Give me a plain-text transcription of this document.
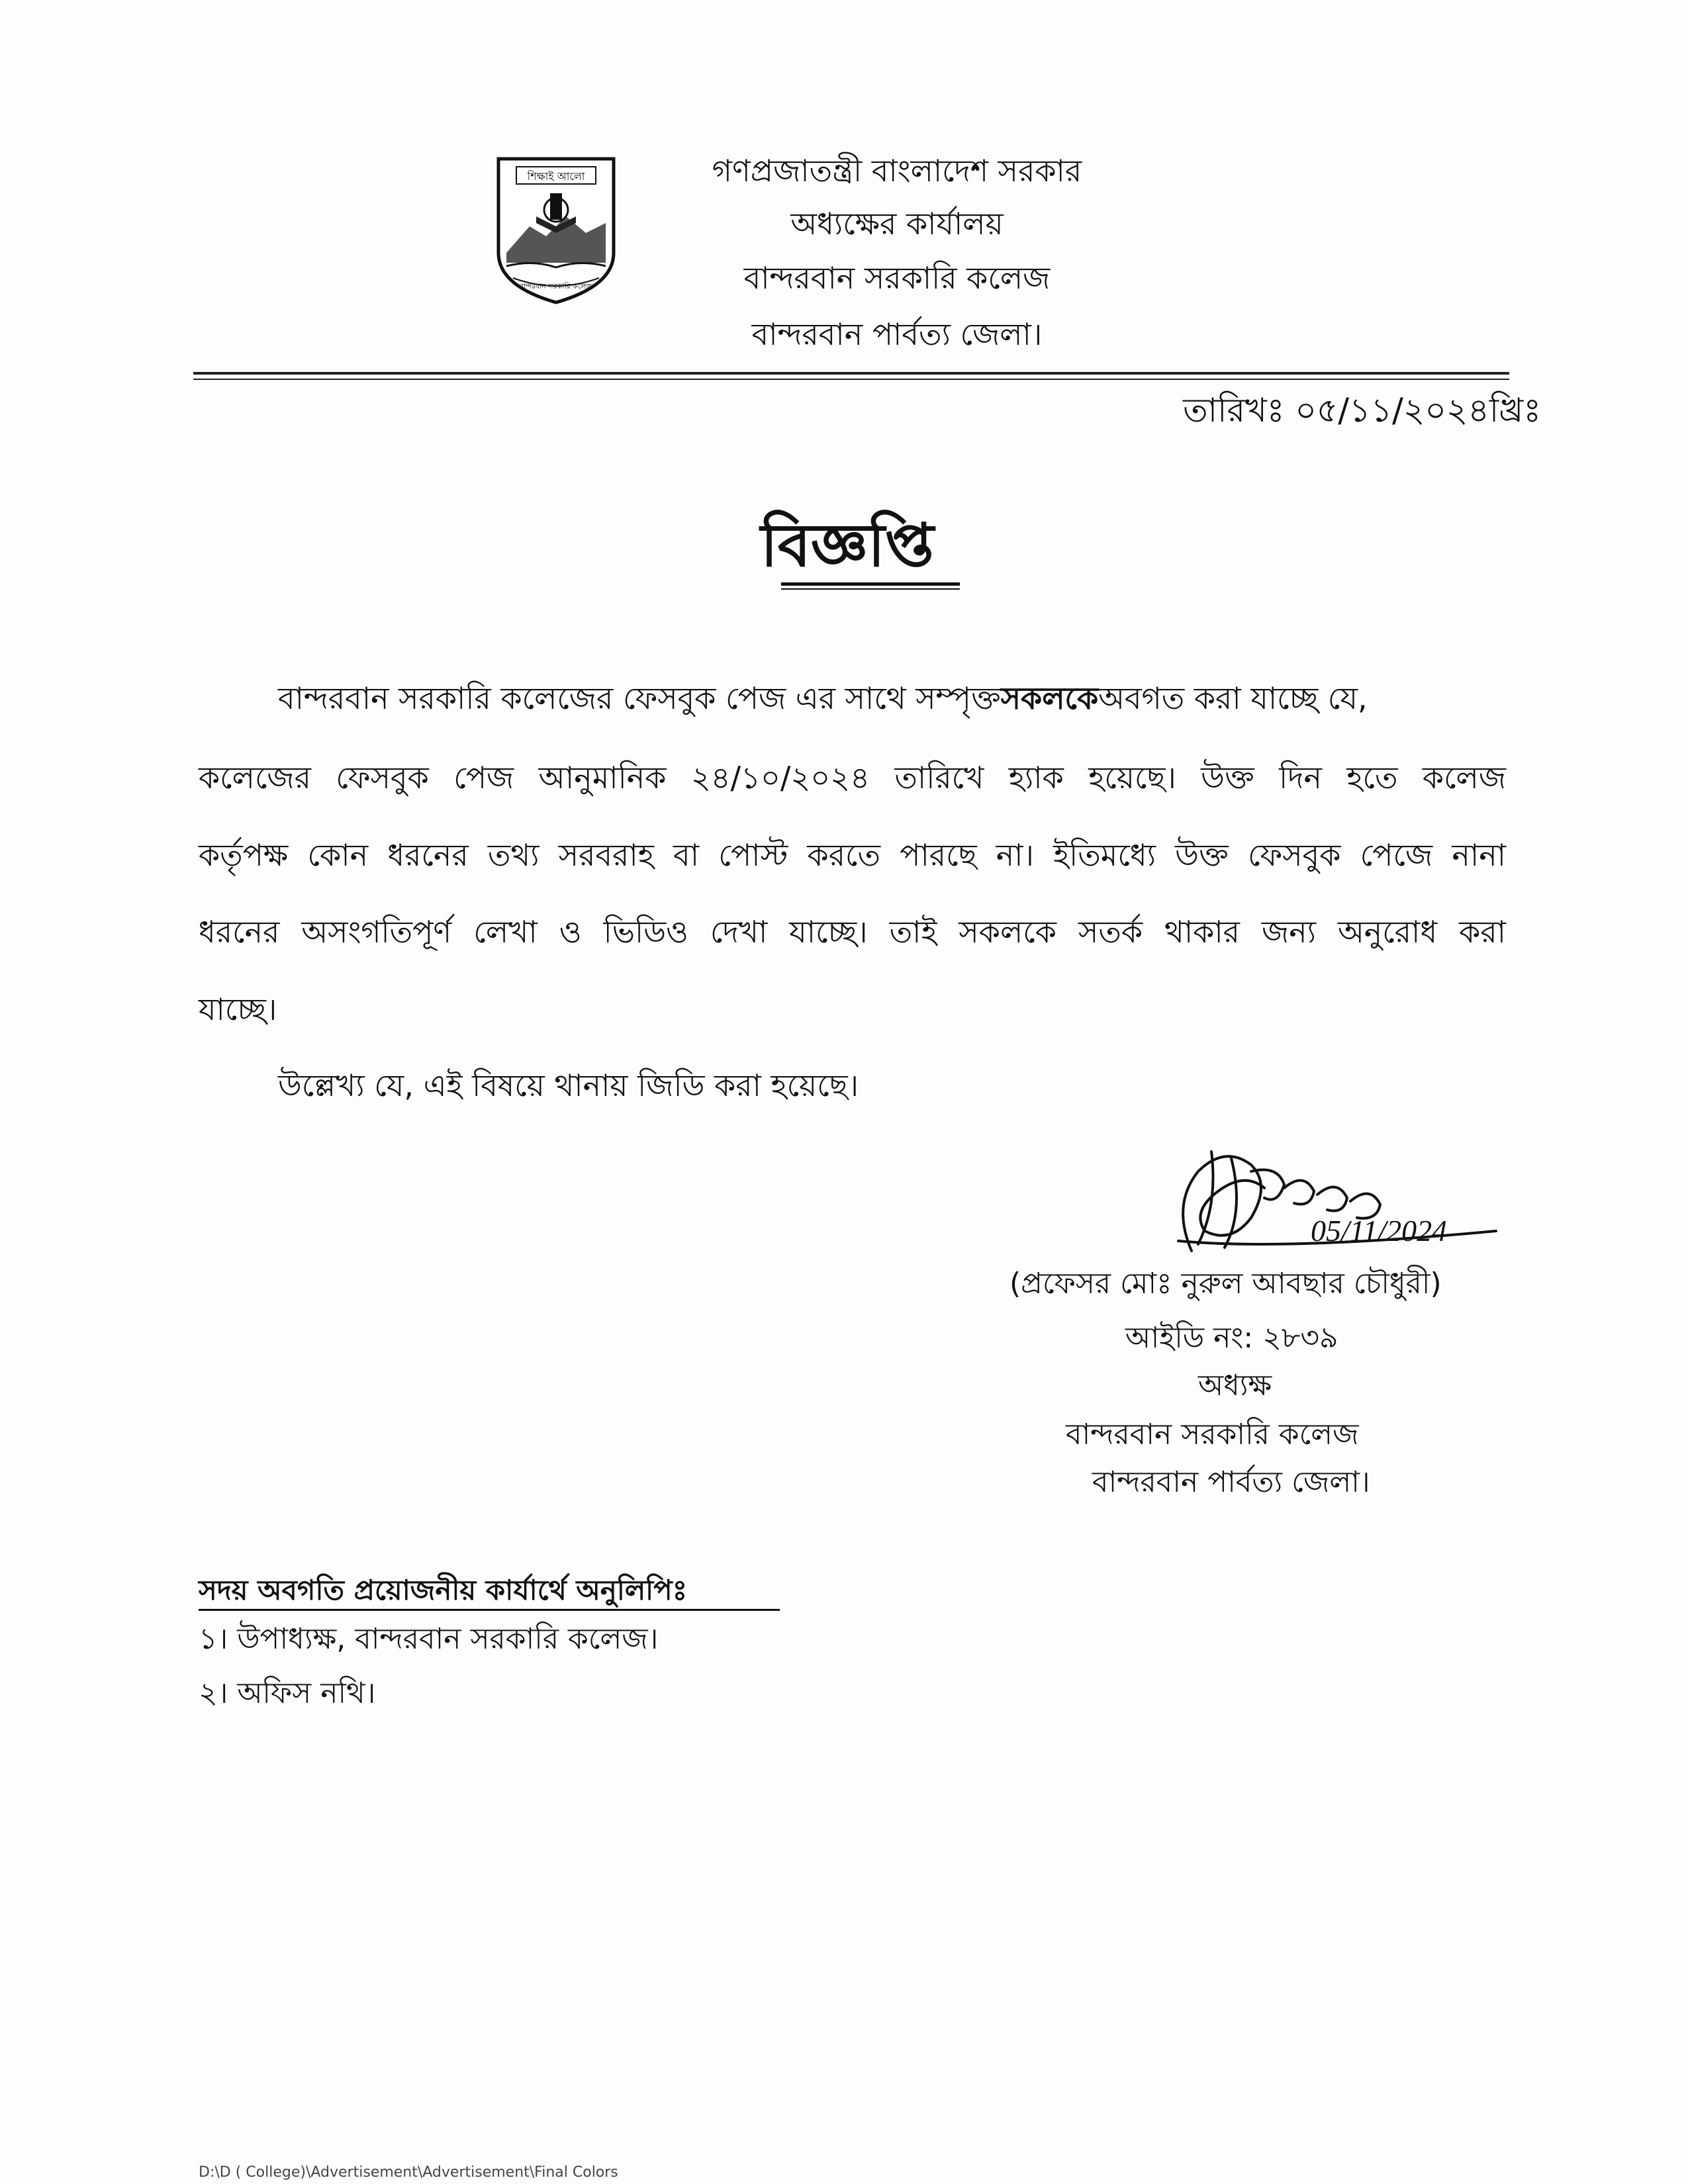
শিক্ষাই আলো
বান্দরবান সরকারি কলেজ
গণপ্রজাতন্ত্রী বাংলাদেশ সরকার
অধ্যক্ষের কার্যালয়
বান্দরবান সরকারি কলেজ
বান্দরবান পার্বত্য জেলা।
তারিখঃ ০৫/১১/২০২৪খ্রিঃ
বিজ্ঞপ্তি
বান্দরবান সরকারি কলেজের ফেসবুক পেজ এর সাথে সম্পৃক্তসকলকেঅবগত করা যাচ্ছে যে,
কলেজের ফেসবুক পেজ আনুমানিক ২৪/১০/২০২৪ তারিখে হ্যাক হয়েছে। উক্ত দিন হতে কলেজ
কর্তৃপক্ষ কোন ধরনের তথ্য সরবরাহ বা পোস্ট করতে পারছে না। ইতিমধ্যে উক্ত ফেসবুক পেজে নানা
ধরনের অসংগতিপূর্ণ লেখা ও ভিডিও দেখা যাচ্ছে। তাই সকলকে সতর্ক থাকার জন্য অনুরোধ করা
যাচ্ছে।
উল্লেখ্য যে, এই বিষয়ে থানায় জিডি করা হয়েছে।
05/11/2024
(প্রফেসর মোঃ নুরুল আবছার চৌধুরী)
আইডি নং: ২৮৩৯
অধ্যক্ষ
বান্দরবান সরকারি কলেজ
বান্দরবান পার্বত্য জেলা।
সদয় অবগতি প্রয়োজনীয় কার্যার্থে অনুলিপিঃ
১। উপাধ্যক্ষ, বান্দরবান সরকারি কলেজ।
২। অফিস নথি।
D:\D ( College)\Advertisement\Advertisement\Final Colors
